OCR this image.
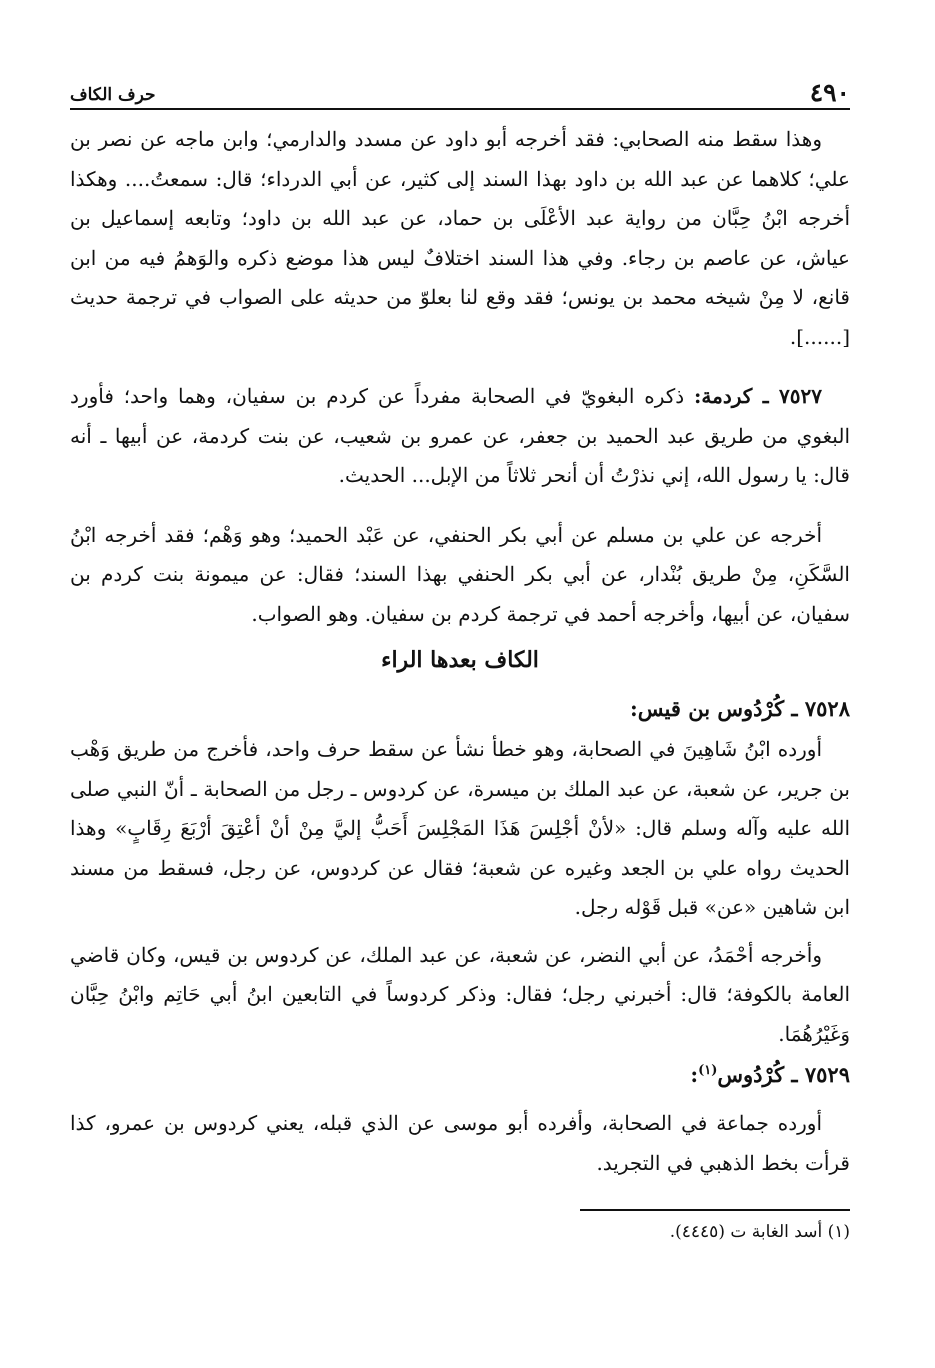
٤٩٠
حرف الكاف

وهذا سقط منه الصحابي: فقد أخرجه أبو داود عن مسدد والدارمي؛ وابن ماجه عن نصر بن علي؛ كلاهما عن عبد الله بن داود بهذا السند إلى كثير، عن أبي الدرداء؛ قال: سمعتُ.... وهكذا أخرجه ابْنُ حِبَّان من رواية عبد الأعْلَى بن حماد، عن عبد الله بن داود؛ وتابعه إسماعيل بن عياش، عن عاصم بن رجاء. وفي هذا السند اختلافٌ ليس هذا موضع ذكره والوَهمُ فيه من ابن قانع، لا مِنْ شيخه محمد بن يونس؛ فقد وقع لنا بعلوّ من حديثه على الصواب في ترجمة حديث [......].

٧٥٢٧ ـ كردمة: ذكره البغويّ في الصحابة مفرداً عن كردم بن سفيان، وهما واحد؛ فأورد البغوي من طريق عبد الحميد بن جعفر، عن عمرو بن شعيب، عن بنت كردمة، عن أبيها ـ أنه قال: يا رسول الله، إني نذرْتُ أن أنحر ثلاثاً من الإبل... الحديث.

أخرجه عن علي بن مسلم عن أبي بكر الحنفي، عن عَبْد الحميد؛ وهو وَهْم؛ فقد أخرجه ابْنُ السَّكَنِ، مِنْ طريق بُنْدار، عن أبي بكر الحنفي بهذا السند؛ فقال: عن ميمونة بنت كردم بن سفيان، عن أبيها، وأخرجه أحمد في ترجمة كردم بن سفيان. وهو الصواب.

الكاف بعدها الراء
٧٥٢٨ ـ كُرْدُوس بن قيس:

أورده ابْنُ شَاهِينَ في الصحابة، وهو خطأ نشأ عن سقط حرف واحد، فأخرج من طريق وَهْب بن جرير، عن شعبة، عن عبد الملك بن ميسرة، عن كردوس ـ رجل من الصحابة ـ أنّ النبي صلى الله عليه وآله وسلم قال: «لأنْ أجْلِسَ هَذَا المَجْلِسَ أَحَبُّ إليَّ مِنْ أنْ أعْتِقَ أرْبَعَ رِقَابٍ» وهذا الحديث رواه علي بن الجعد وغيره عن شعبة؛ فقال عن كردوس، عن رجل، فسقط من مسند ابن شاهين «عن» قبل قَوْله رجل.

وأخرجه أحْمَدُ، عن أبي النضر، عن شعبة، عن عبد الملك، عن كردوس بن قيس، وكان قاضي العامة بالكوفة؛ قال: أخبرني رجل؛ فقال: وذكر كردوساً في التابعين ابنُ أبي حَاتِم وابْنُ حِبَّان وَغَيْرُهُمَا.

٧٥٢٩ ـ كُرْدُوس$^{(١)}$:

أورده جماعة في الصحابة، وأفرده أبو موسى عن الذي قبله، يعني كردوس بن عمرو، كذا قرأت بخط الذهبي في التجريد.

(١) أسد الغابة ت (٤٤٤٥).
